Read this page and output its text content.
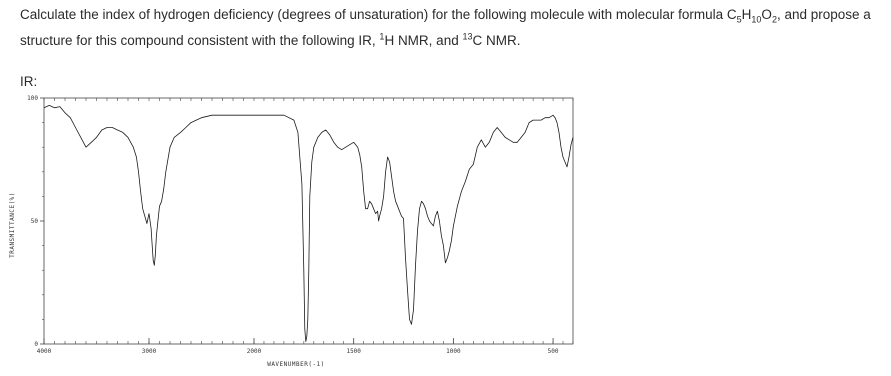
Calculate the index of hydrogen deficiency (degrees of unsaturation) for the following molecule with molecular formula $C_5H_{10}O_2$, and propose a structure for this compound consistent with the following IR, $^1$H NMR, and $^{13}$C NMR.
IR:
TRANSMITTANCE(%)
WAVENUMBER(-1)
4000	3000	2000	1500	1000	500
0
50
100
